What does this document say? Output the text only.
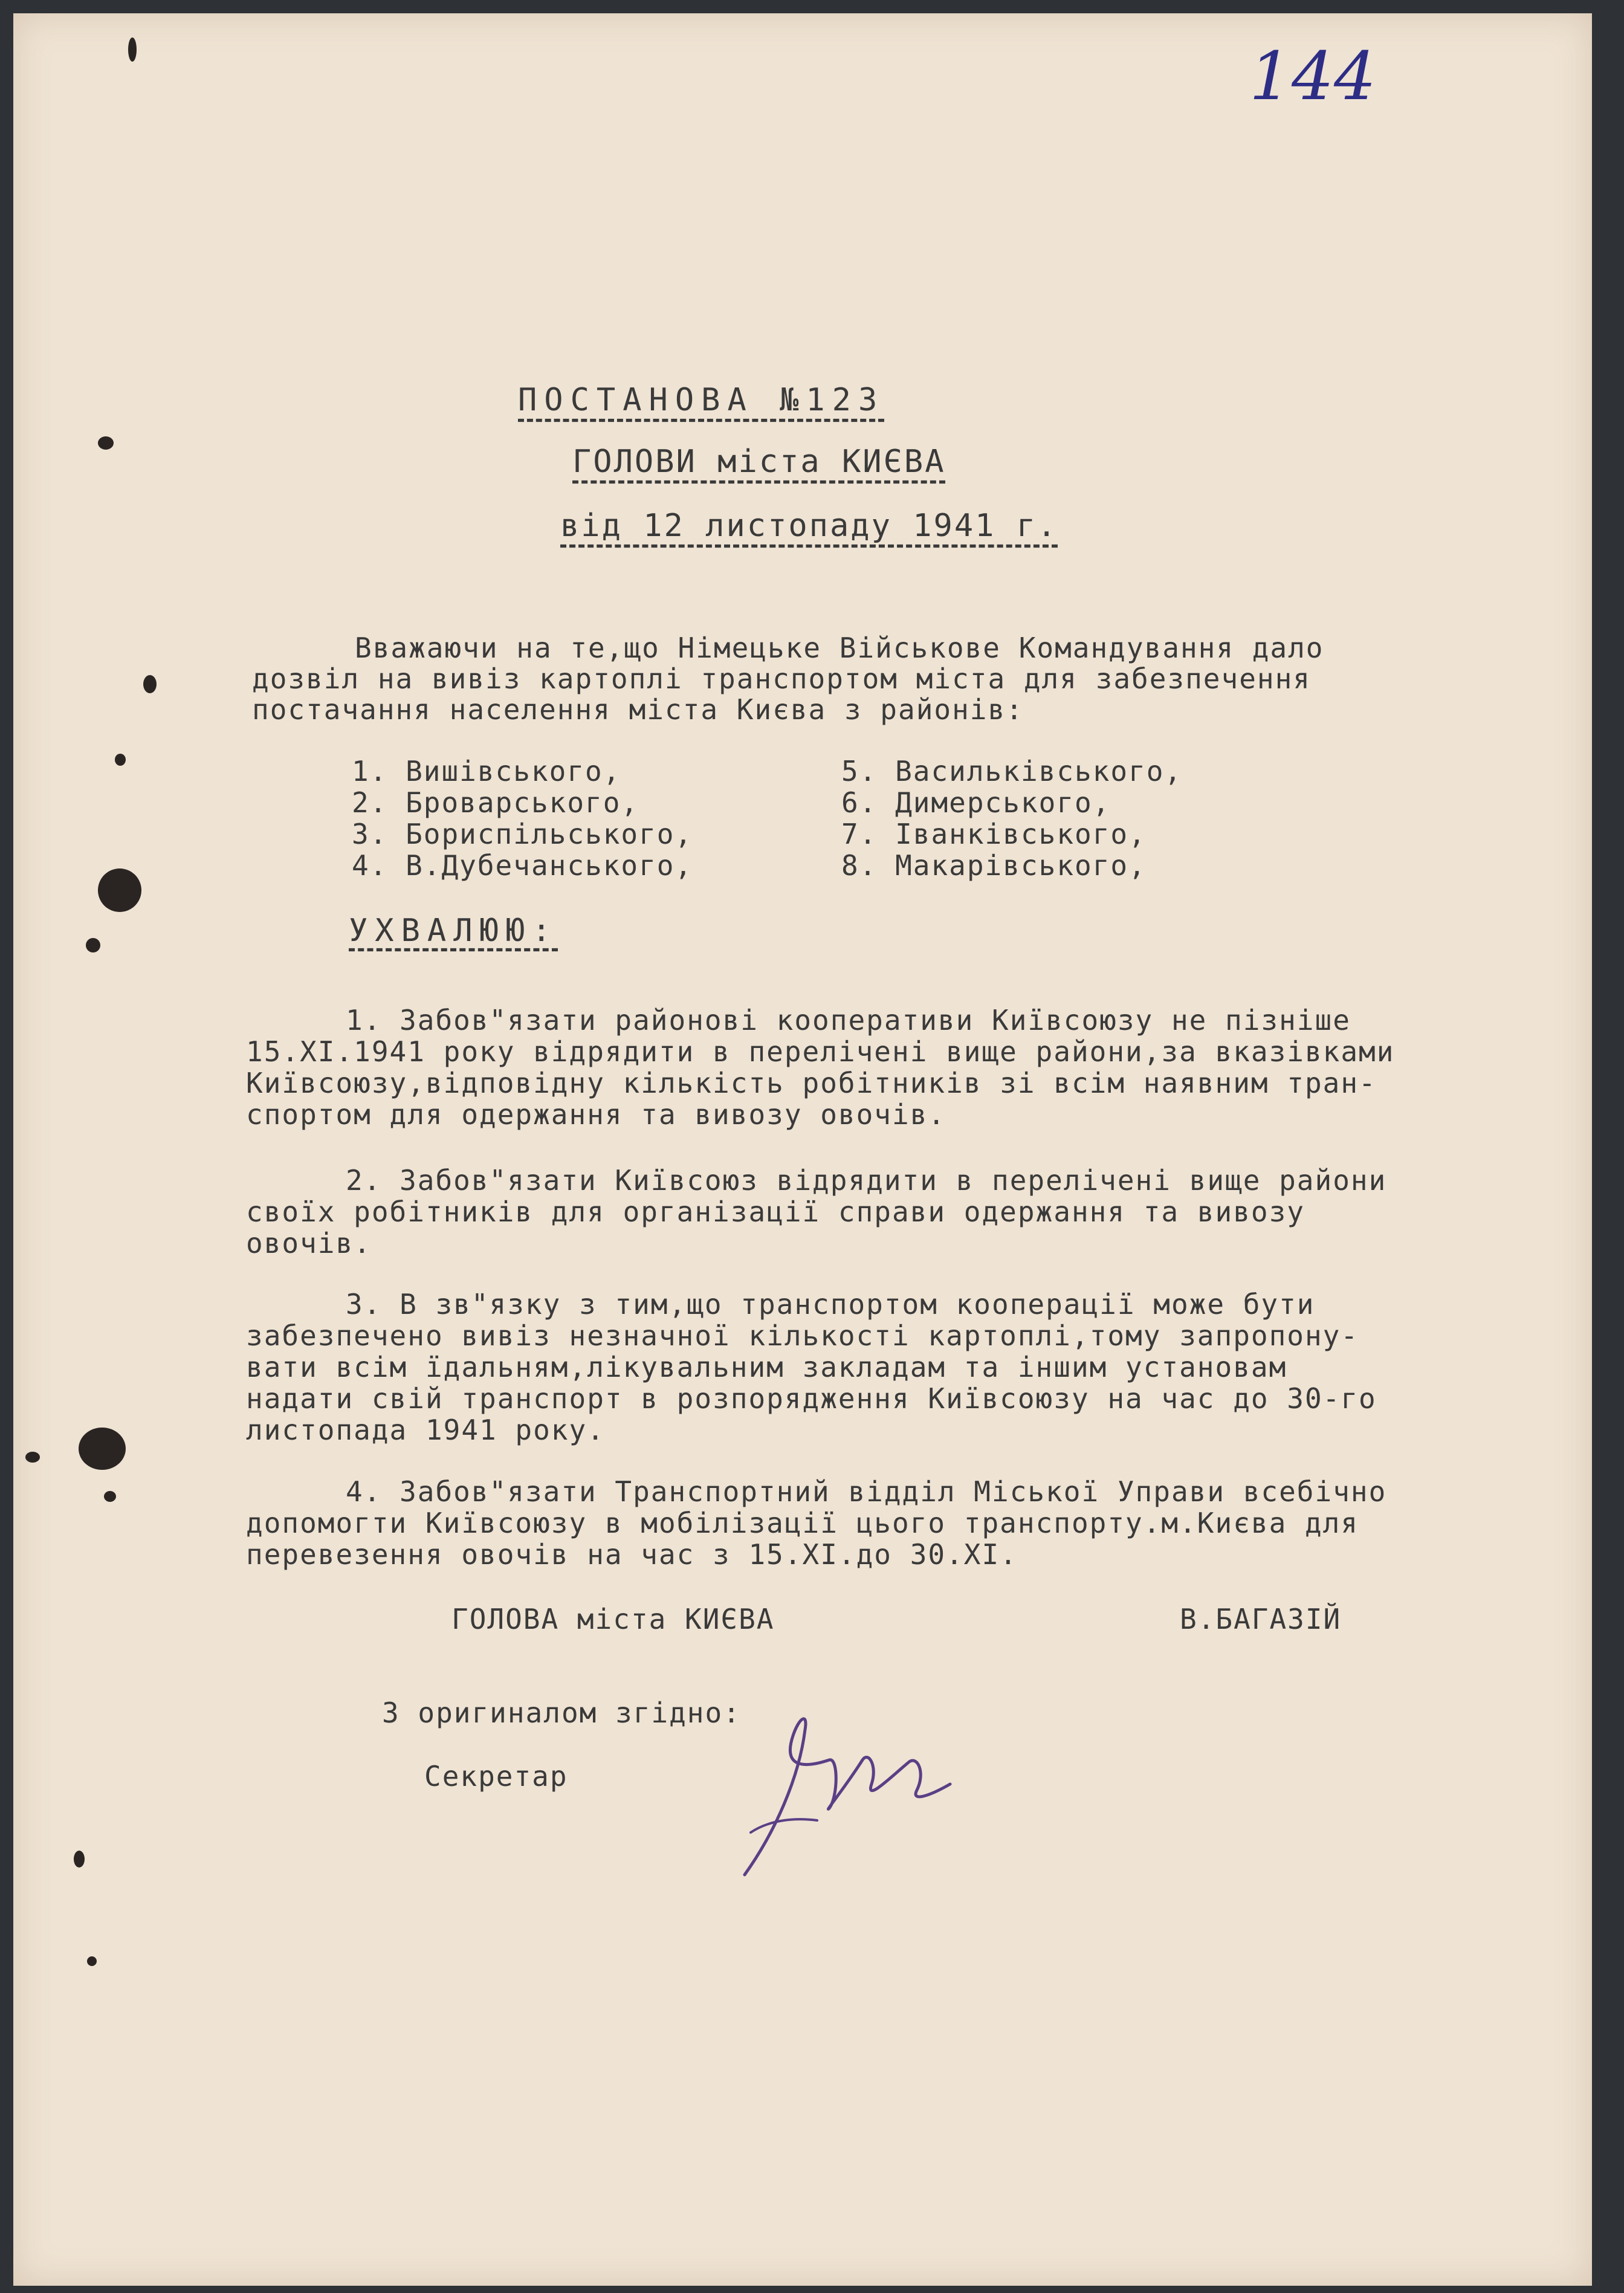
144
ПОСТАНОВА №123
ГОЛОВИ міста КИЄВА
від 12 листопаду 1941 г.
Вважаючи на те,що Німецьке Військове Командування дало
дозвіл на вивіз картоплі транспортом міста для забезпечення
постачання населення міста Києва з районів:
1. Вишівського,	5. Васильківського,
2. Броварського,	6. Димерського,
3. Бориспільського,	7. Іванківського,
4. В.Дубечанського,	8. Макарівського,
УХВАЛЮЮ:
1. Забов"язати районові кооперативи Київсоюзу не пізніше
15.XI.1941 року відрядити в перелічені вище райони,за вказівками
Київсоюзу,відповідну кількість робітників зі всім наявним тран-
спортом для одержання та вивозу овочів.
2. Забов"язати Київсоюз відрядити в перелічені вище райони
своїх робітників для організації справи одержання та вивозу
овочів.
3. В зв"язку з тим,що транспортом кооперації може бути
забезпечено вивіз незначної кількості картоплі,тому запропону-
вати всім їдальням,лікувальним закладам та іншим установам
надати свій транспорт в розпорядження Київсоюзу на час до 30-го
листопада 1941 року.
4. Забов"язати Транспортний відділ Міської Управи всебічно
допомогти Київсоюзу в мобілізації цього транспорту.м.Києва для
перевезення овочів на час з 15.XI.до 30.XI.
ГОЛОВА міста КИЄВА	В.БАГАЗІЙ
З оригиналом згідно:
Секретар
